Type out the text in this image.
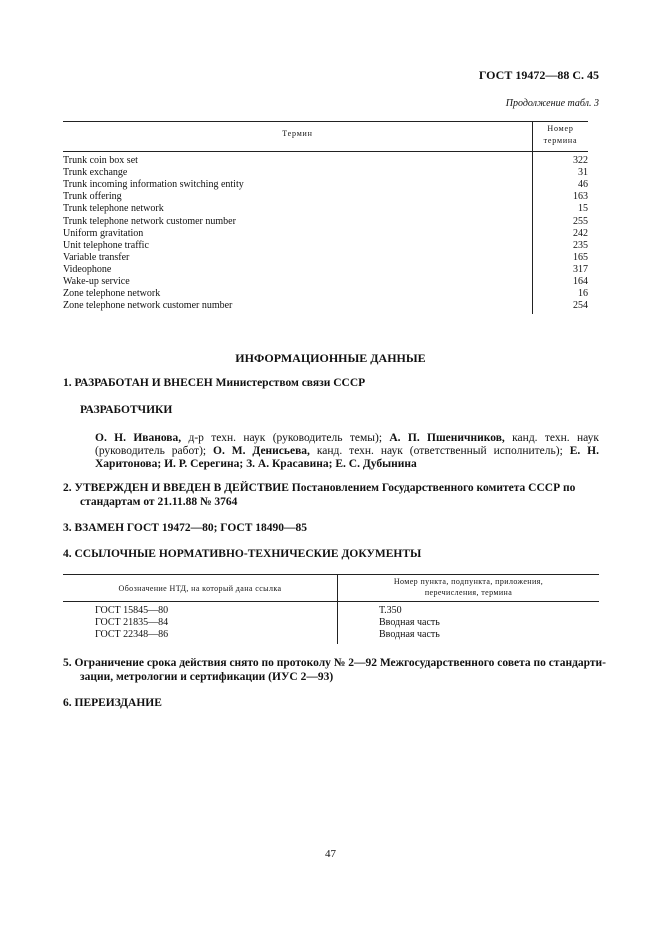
ГОСТ 19472—88 С. 45
Продолжение табл. 3
Термин
Номер
термина
Trunk coin box set	322
Trunk exchange	31
Trunk incoming information switching entity	46
Trunk offering	163
Trunk telephone network	15
Trunk telephone network customer number	255
Uniform gravitation	242
Unit telephone traffic	235
Variable transfer	165
Videophone	317
Wake-up service	164
Zone telephone network	16
Zone telephone network customer number	254
ИНФОРМАЦИОННЫЕ ДАННЫЕ
1. РАЗРАБОТАН И ВНЕСЕН Министерством связи СССР
РАЗРАБОТЧИКИ
О. Н. Иванова, д-р техн. наук (руководитель темы); А. П. Пшеничников, канд. техн. наук (руководитель работ); О. М. Денисьева, канд. техн. наук (ответственный исполнитель); Е. Н. Харитонова; И. Р. Серегина; З. А. Красавина; Е. С. Дубынина
2. УТВЕРЖДЕН И ВВЕДЕН В ДЕЙСТВИЕ Постановлением Государственного комитета СССР по
стандартам от 21.11.88 № 3764
3. ВЗАМЕН ГОСТ 19472—80; ГОСТ 18490—85
4. ССЫЛОЧНЫЕ НОРМАТИВНО-ТЕХНИЧЕСКИЕ ДОКУМЕНТЫ
Обозначение НТД, на который дана ссылка
Номер пункта, подпункта, приложения,
перечисления, термина
ГОСТ 15845—80	Т.350
ГОСТ 21835—84	Вводная часть
ГОСТ 22348—86	Вводная часть
5. Ограничение срока действия снято по протоколу № 2—92 Межгосударственного совета по стандарти-
зации, метрологии и сертификации (ИУС 2—93)
6. ПЕРЕИЗДАНИЕ
47
